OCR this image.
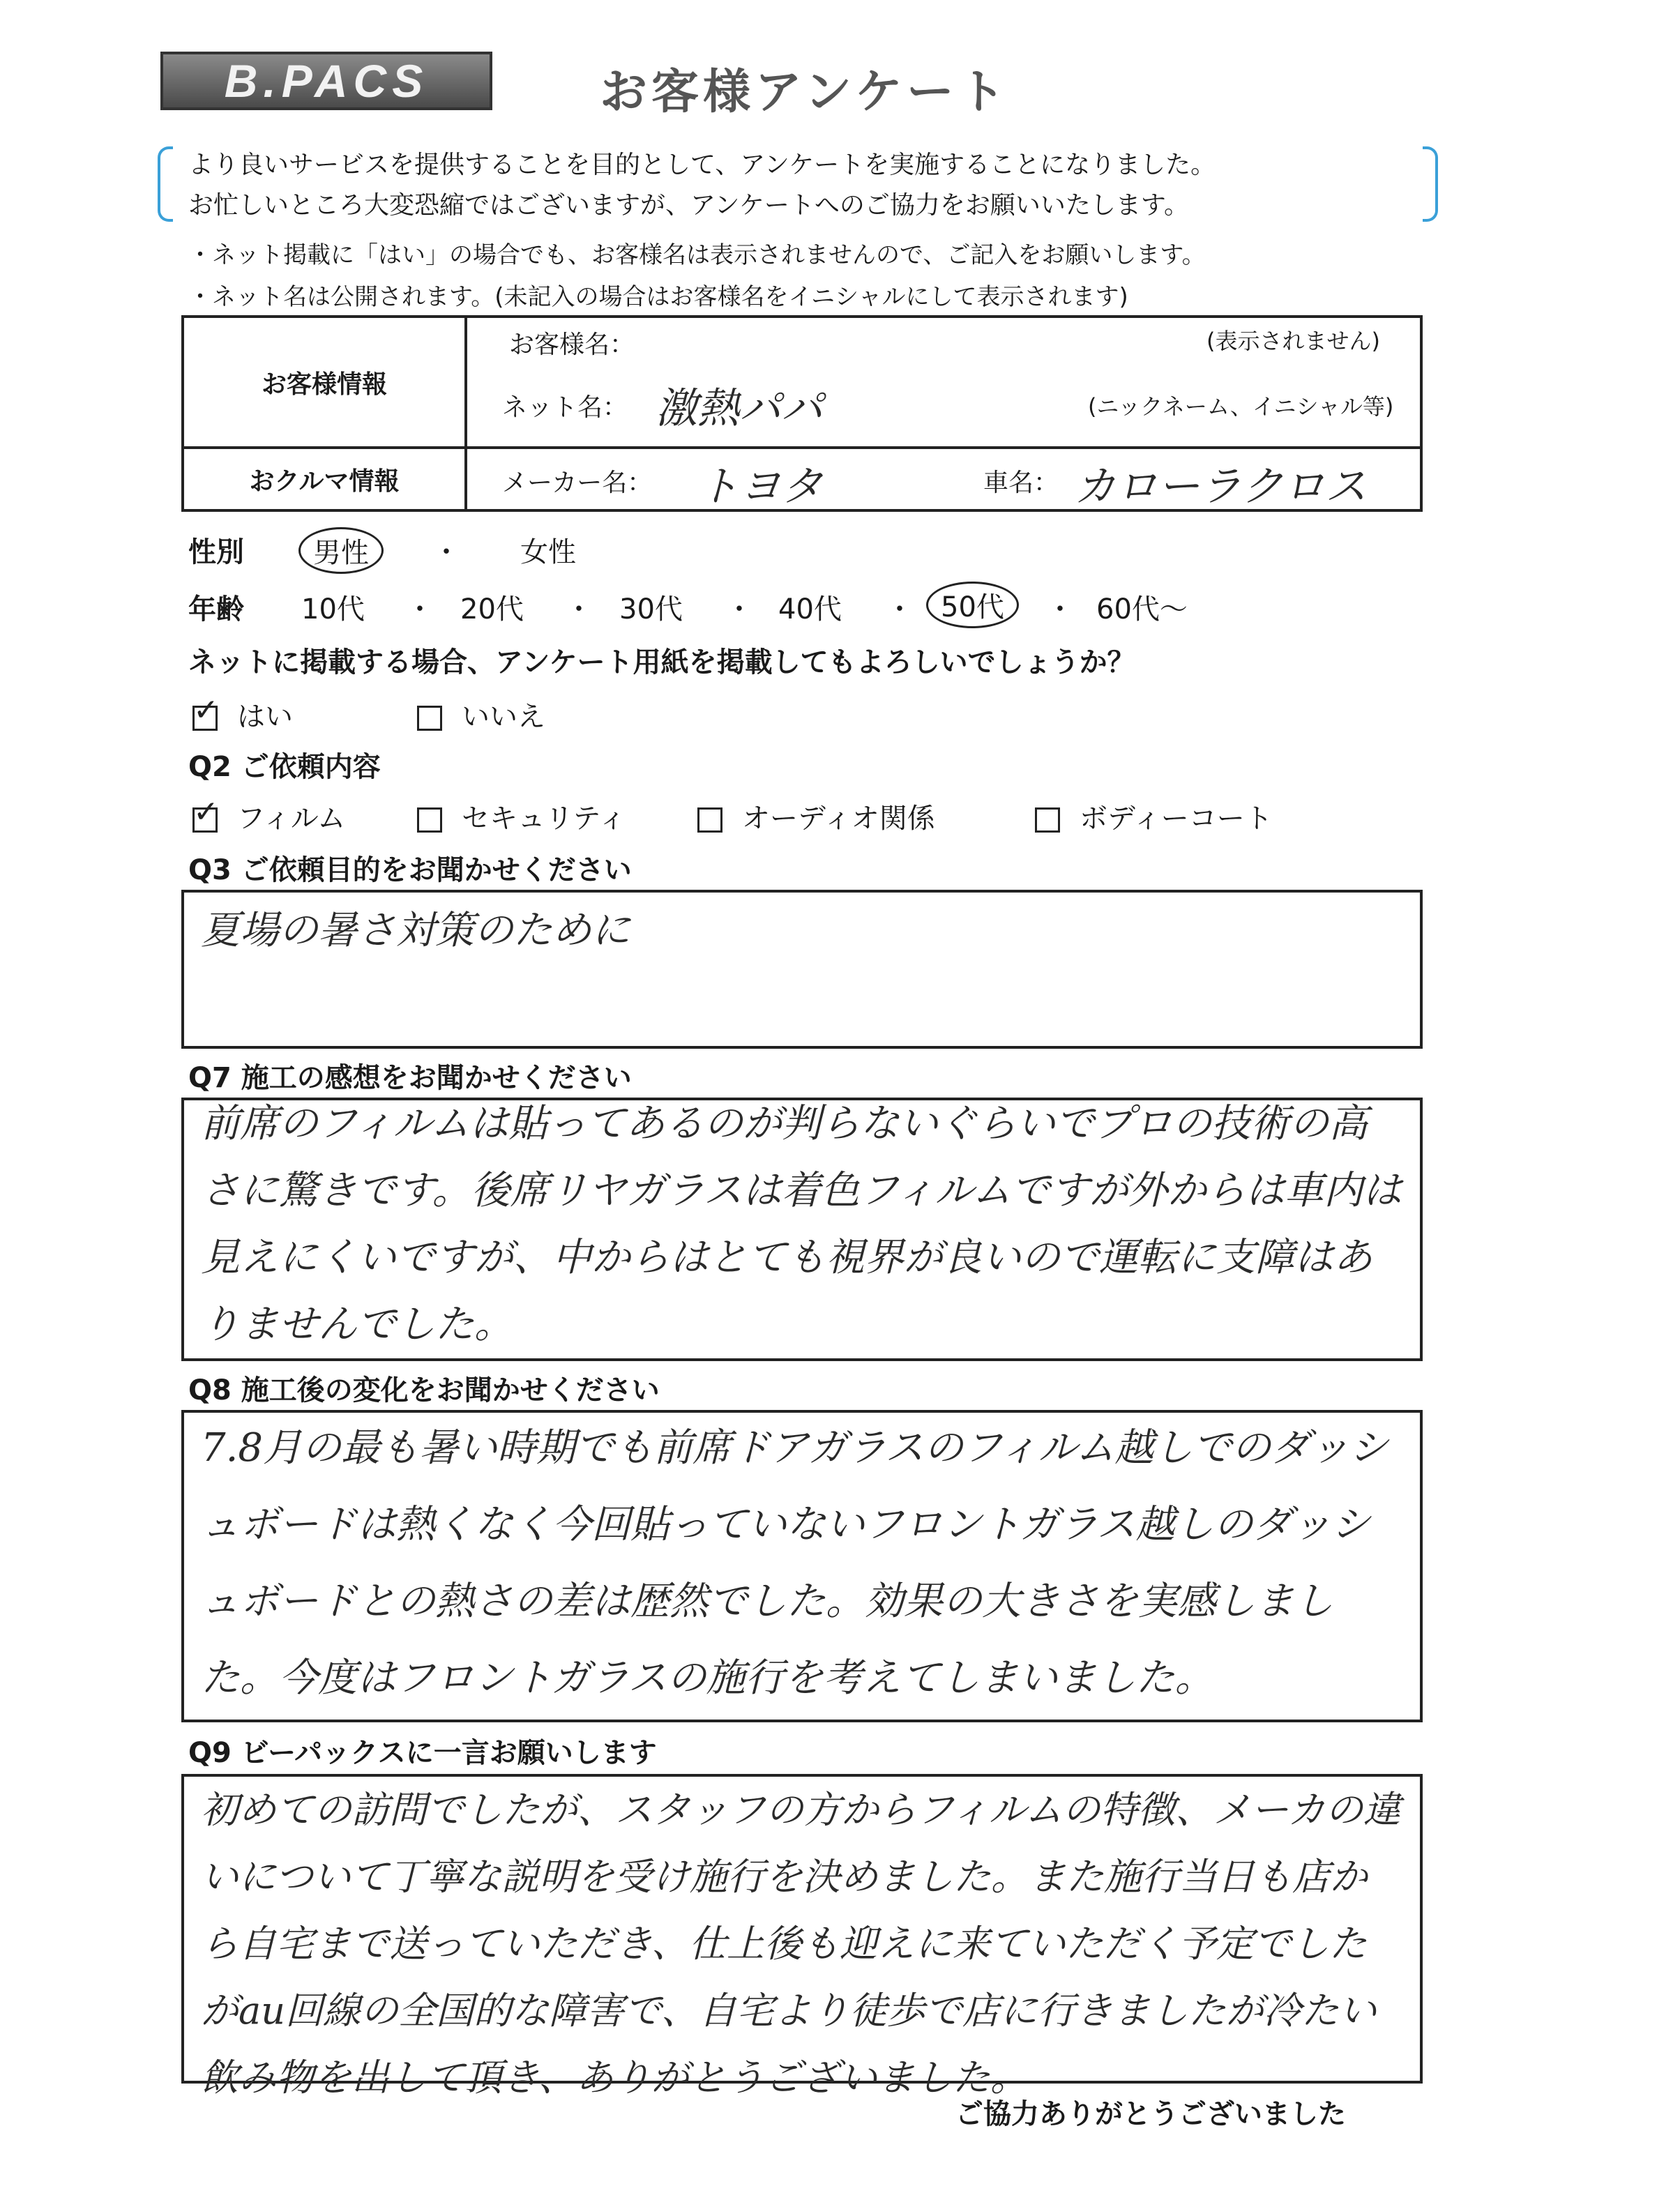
B.PACS	お客様アンケート
より良いサービスを提供することを目的として、アンケートを実施することになりました。
お忙しいところ大変恐縮ではございますが、アンケートへのご協力をお願いいたします。
・ネット掲載に「はい」の場合でも、お客様名は表示されませんので、ご記入をお願いします。
・ネット名は公開されます。(未記入の場合はお客様名をイニシャルにして表示されます)
お客様情報	お客様名： (表示されません)
ネット名： 激熱パパ (ニックネーム、イニシャル等)

おクルマ情報	メーカー名： トヨタ 車名： カローラクロス
性別	男性	・ 女性
年齢 10代 ・ 20代 ・ 30代 ・ 40代 ・ 50代	・ 60代～
ネットに掲載する場合、アンケート用紙を掲載してもよろしいでしょうか？
✓はい	いいえ
Q2 ご依頼内容
✓フィルム	セキュリティ	オーディオ関係	ボディーコート
Q3 ご依頼目的をお聞かせください
夏場の暑さ対策のために
Q7 施工の感想をお聞かせください
前席のフィルムは貼ってあるのが判らないぐらいでプロの技術の高さに驚きです。後席リヤガラスは着色フィルムですが外からは車内は見えにくいですが、中からはとても視界が良いので運転に支障はありませんでした。
Q8 施工後の変化をお聞かせください
7.8月の最も暑い時期でも前席ドアガラスのフィルム越しでのダッシュボードは熱くなく今回貼っていないフロントガラス越しのダッシュボードとの熱さの差は歴然でした。効果の大きさを実感しました。今度はフロントガラスの施行を考えてしまいました。
Q9 ビーパックスに一言お願いします
初めての訪問でしたが、スタッフの方からフィルムの特徴、メーカの違いについて丁寧な説明を受け施行を決めました。また施行当日も店から自宅まで送っていただき、仕上後も迎えに来ていただく予定でしたがau回線の全国的な障害で、自宅より徒歩で店に行きましたが冷たい飲み物を出して頂き、ありがとうございました。
ご協力ありがとうございました
